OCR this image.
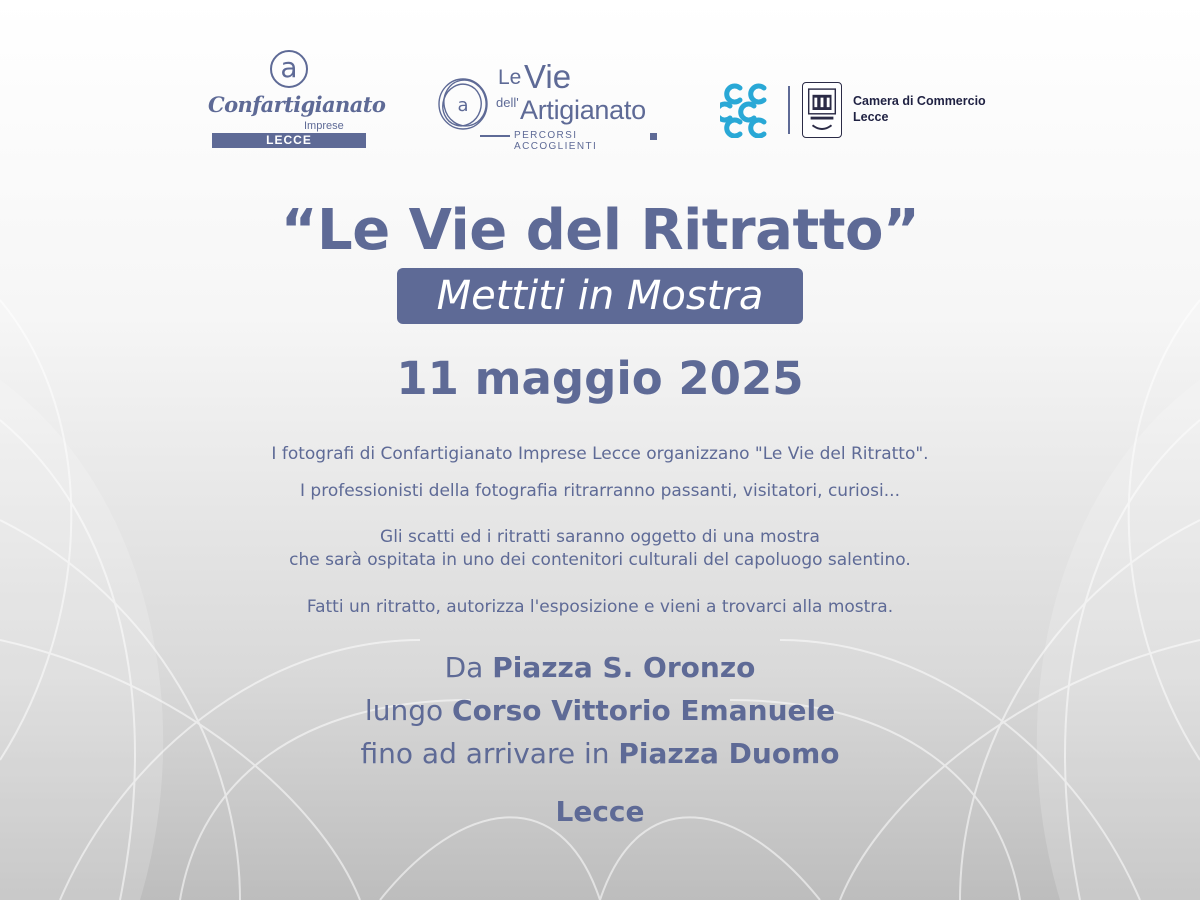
a
Confartigianato
Imprese
LECCE
a
Le Vie
dell' Artigianato
PERCORSI ACCOGLIENTI
Camera di Commercio
Lecce
“Le Vie del Ritratto”
Mettiti in Mostra
11 maggio 2025
I fotografi di Confartigianato Imprese Lecce organizzano "Le Vie del Ritratto".
I professionisti della fotografia ritrarranno passanti, visitatori, curiosi...
Gli scatti ed i ritratti saranno oggetto di una mostra
che sarà ospitata in uno dei contenitori culturali del capoluogo salentino.
Fatti un ritratto, autorizza l'esposizione e vieni a trovarci alla mostra.
Da Piazza S. Oronzo
lungo Corso Vittorio Emanuele
fino ad arrivare in Piazza Duomo
Lecce
